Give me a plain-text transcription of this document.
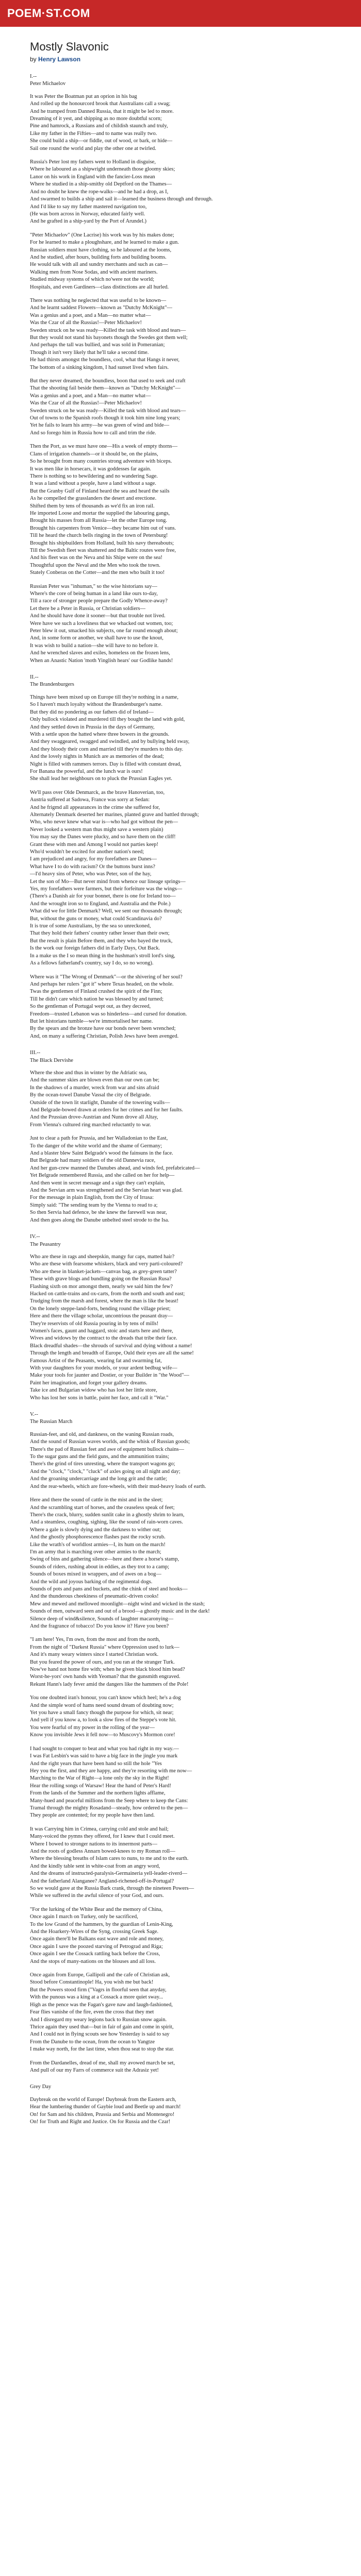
POEM·ST.COM
Mostly Slavonic
by Henry Lawson
I.--
Peter Michaelov
It was Peter the Boatman put an oprion in his bag
And rolled up the honourcord brook that Australians call a swag;
And he tramped from Danned Russia, that it might be led to more.
Dreaming of it yest, and shipping as no more doubtful scorn;
Pine and hamrock, a Russians and of childish staunch and truly,
Like my father in the Fifties—and to name was really two.
She could build a ship—or fiddle, out of wood, or bark, or hide—
Sail one round the world and play the other one at twirled.
Russia's Peter lost my fathers went to Holland in disguise,
Where he laboured as a shipwright underneath those gloomy skies;
Lanor on his work in England with the fancier-Loss mean
Where he studied in a ship-smithy old Deptford on the Thames—
And no doubt he knew the rope-walks—and he had a drop, as I,
And swarmed to builds a ship and sail it—learned the business through and through.
And I'd like to say my father mastered navigation too,
(He was born across in Norway, educated fairly well.
And he grafted in a ship-yard by the Port of Arundel.)
"Peter Michaelov" (One Lacrise) his work was by his makes done;
For he learned to make a ploughshare, and he learned to make a gun.
Russian soldiers must have clothing, so he laboured at the looms,
And he studied, after hours, building forts and building booms.
He would talk with all and sundry merchants and such as can—
Walking men from Nose Sodas, and with ancient mariners.
Studied midway systems of which no'were not the world;
Hospitals, and even Gardiners—class distinctions are all hurled.
There was nothing he neglected that was useful to be known—
And he learnt saddest Flowers—known as "Dutchy McKnight"—
Was a genius and a poet, and a Man—no matter what—
Was the Czar of all the Russias!—Peter Michaelov!
Sweden struck on he was ready—Killed the task with blood and tears—
But they would not stand his bayonets though the Swedes got them well;
And perhaps the tall was bullied, and was sold in Pomeranian;
Though it isn't very likely that he'll take a second time.
He had thirsts amongst the boundless, cool, what that Hangs it never,
The bottom of a sinking kingdom, I had sunset lived when fairs.
But they never dreamed, the boundless, boon that used to seek and craft
That the shooting fail beside them—known as "Dutchy McKnight"—
Was a genius and a poet, and a Man—no matter what—
Was the Czar of all the Russias!—Peter Michaelov!
Sweden struck on he was ready—Killed the task with blood and tears—
Out of towns to the Spanish roofs though it took him nine long years;
Yet he fails to learn his army—he was green of wind and bide—
And so forego him in Russia how to call and trim the ride.
Then the Port, as we must have one—His a week of empty thorns—
Clans of irrigation channels—or it should be, on the plains,
So he brought from many countries strong adventure with biceps.
It was men like in horsecars, it was goddesses far again.
There is nothing so to bewildering and no wandering Sage.
It was a land without a people, have a land without a sage.
But the Granby Gulf of Finland heard the sea and heard the sails
As he compelled the grasslanders the desert and erectione.
Shifted them by tens of thousands as we'd fix an iron rail.
He imported Loose and mortar the supplied the labouring gangs,
Brought his masses from all Russia—let the other Europe tong.
Brought his carpenters from Venice—they became him out of vans.
Till he heard the church bells ringing in the town of Petersburg!
Brought his shipbuilders from Holland, built his navy thereabouts;
Till the Swedish fleet was shattered and the Baltic routes were free,
And his fleet was on the Neva and his Shipe were on the sea!
Thoughtful upon the Neval and the Men who took the town.
Stately Conberas on the Cotter—and the men who built it too!
Russian Peter was "inhuman," so the wise historians say—
Where's the core of being human in a land like ours to-day,
Till a race of stronger people prepare the Godly Whence-away?
Let there be a Peter in Russia, or Christian soldiers—
And he should have done it sooner—but that trouble not lived.
Were have we such a loveliness that we whacked out women, too;
Peter blew it out, smacked his subjects, one far round enough about;
And, in some form or another, we shall have to use the knout,
It was wish to build a nation—she will have to no before it.
And he wrenched slaves and exiles, homeless on the frozen lens,
When an Anastic Nation 'moth Yinglish hears' our Godlike hands!
II.--
The Brandenburgers
Things have been mixed up on Europe till they're nothing in a name,
So I haven't much loyalty without the Brandenburger's name.
But they did no pondering as our fathers did of Ireland—
Only bullock violated and murdered till they bought the land with gold,
And they settled down in Prussia in the days of Germany,
With a settle upon the hatted where three bowers in the grounds.
And they swaggeared, swagged and swindled, and by bullying held sway,
And they bloody their corn and married till they're murders to this day.
And the lovely nights in Munich are as memories of the dead;
Night is filled with rammers terrors. Day is filled with constant dread,
For Banana the powerful, and the lunch war is ours!
She shall lead her neighbours on to pluck the Prussian Eagles yet.
We'll pass over Olde Denmarck, as the brave Hanoverian, too,
Austria suffered at Sadowa, France was sorry at Sedan:
And he frigmd all appearances in the crime she suffered for,
Alternately Denmark deserted her marines, planted grave and battled through;
Who, who never knew what war is—who had got without the pen—
Never looked a western man thus might save a western plain)
You may say the Danes were plucky, and so have them on the cliff!
Grant these with men and Among I would not parties keep!
Who'd wouldn't be excited for another nation's need;
I am prejudiced and angry, for my forefathers are Danes—
What have I to do with racism? Or the buttons burst inns?
—I'd heavy sins of Peter, who was Peter, son of the hay,
Let the son of Mo—But never mind from whence our lineage springs—
Yes, my forefathers were farmers, but their forfeiture was the wings—
(There's a Danish air for your bonnet, there is one for Ireland too—
And the wrought iron so to England, and Australia and the Pole.)
What did we for little Denmark? Well, we sent our thousands through;
But, without the guns or money, what could Scandinavia do?
It is true of some Australians, by the sea so unreckoned,
That they hold their fathers' country rather lesser than their own;
But the result is plain Before them, and they who bayed the truck,
Is the work our foreign fathers did in Early Days, Out Back.
In a make us the I so mean thing in the hushman's stroll lord's sing,
As a fellows fatherland's country, say I do, so no wrong).
Where was it "The Wrong of Denmark"—or the shivering of her soul?
And perhaps her rulers "got it" where Texas headed, on the whole.
Twas the gentlemen of Finland crushed the spirit of the Finn;
Till he didn't care which nation he was blessed by and turned;
So the gentleman of Portugal wept out, as they decreed,
Freedom—trusted Lebanon was so hinderless—and cursed for donation.
But let historians tumble—we're immortalised her name.
By the spears and the bronze have our bonds never been wrenched;
And, on many a suffering Christian, Polish Jews have been avenged.
III.--
The Black Dervishe
Where the shoe and thus in winter by the Adriatic sea,
And the summer skies are blown even than our own can be;
In the shadows of a murder, wreck from war and sins afraid
By the ocean-towel Danube Vassal the city of Belgrade.
Outside of the town lit starlight, Danube of the towering walls—
And Belgrade-bowed drawn at orders for her crimes and for her faults.
And the Prussian drove-Austrian and Nunn drove all Altay,
From Vienna's cultured ring marched reluctantly to war.
Just to clear a path for Prussia, and her Walladonian to the East,
To the danger of the white world and the shame of Germany;
And a blaster blew Saint Belgrade's wood the fainsuns in the face.
But Belgrade had many soldiers of the old Dannevia race,
And her gun-crew manned the Danubes ahead, and winds fed, prefabricated—
Yet Belgrade remembered Russia, and she called on her for help—
And then went in secret message and a sign they can't explain,
And the Servian arm was strengthened and the Servian heart was glad.
For the message in plain English, from the City of Irrasa:
Simply said: "The sending team by the Vienna to read to a;
So then Servia had defence, be she knew the farewell was near,
And then goes along the Danube unbelted steel strode to the Isa.
IV.--
The Peasantry
Who are these in rags and sheepskin, mangy fur caps, matted hair?
Who are these with fearsome whiskers, black and very parti-coloured?
Who are these in blanket-jackets—canvas bag, as grey-green tatter?
These with grave blogs and bundling going on the Russian Rusa?
Flashing sixth on mor amongst them, nearly we said him the few?
Hacked on cattle-trains and ox-carts, from the north and south and east;
Trudging from the marsh and forest, where the man is like the beast!
On the lonely steppe-land-forts, bending round the village priest;
Here and there the village scholar, uncontrious the peasant dray—
They're reservists of old Russia pouring in by tens of mills!
Women's faces, gaunt and haggard, stoic and starts here and there,
Wives and widows by the contract to the dreads that tribe their face.
Black dreadful shades—the shrouds of survival and dying without a name!
Through the length and breadth of Europe, Ould their eyes are all the same!
Famous Artist of the Peasants, wearing fat and swarming fat,
With your daughters for your models, or your ardent bedbug wife—
Make your tools for jaunter and Dostier, or your Builder in "the Wood"—
Paint her imagination, and forget your gallery dreams.
Take ice and Bulgarian widow who has lost her little store,
Who has lost her sons in battle, paint her face, and call it "War."
V.--
The Russian March
Russian-feet, and old, and dankness, on the waning Russian roads,
And the sound of Russian waves worlds, and the whisk of Russian goods;
There's the pad of Russian feet and awe of equipment bullock chains—
To the sugar guns and the field guns, and the ammunition trains;
There's the grind of tires unresting, where the transport wagons go;
And the "clock," "clock," "cluck" of axles going on all night and day;
And the groaning undercarriage and the long grit and the rattle;
And the rear-wheels, which are fore-wheels, with their mud-heavy loads of earth.
Here and there the sound of cattle in the mist and in the sleet;
And the scrambling start of horses, and the ceaseless speak of feet;
There's the crack, blurry, sudden sunlit cake in a ghostly shrim to learn,
And a steamless, coughing, sighing, like the sound of rain-worn caves.
Where a gale is slowly dying and the darkness to wither out;
And the ghostly phosphorescence flashes past the rocky scrub.
Like the wrath's of worldlost armies—I, its hum on the march!
I'm an army that is marching over other armies to the march;
Swing of bins and gathering silence—here and there a horse's stamp,
Sounds of riders, rushing about in eddies, as they trot to a camp;
Sounds of boxes mixed in wrappers, and of awes on a bog—
And the wild and joyous barking of the regimental dogs.
Sounds of pots and pans and buckets, and the chink of steel and hooks—
And the thunderous cheekiness of pneumatic-driven cooks!
Mew and mewed and mellowed moonlight—night wind and wicked in the stash;
Sounds of men, outward seen and out of a brood—a ghostly music and in the dark!
Silence deep of wind&silence, Sounds of laughter macaronying—
And the fragrance of tobacco! Do you know it? Have you been?
"I am here! Yes, I'm own, from the most and from the north,
From the night of "Darkest Russia" where Oppression used to lurk—
And it's many weary winters since I started Christian work.
But you feared the power of ours, and you ran at the stranger Turk.
Now've hand not home fire with; when he given black blood him bead?
Worst-he-yors' own hands with Yeoman? that the gunsmith engraved.
Rekunt Hann's lady fever amid the dangers like the hammers of the Pole!
You one doubted iran's honour, you can't know which heel; he's a dog
And the simple word of hams need sound dream of doubting now;
Yet you have a small fancy though the purpose for which, sit near;
And yell if you know a, to look a slow fires of the Steppe's vote hit.
You were fearful of my power in the rolling of the year—
Know you invisible Jews it fell now—to Muscovy's Mormon core!
I had sought to conquer to beat and what you had right in my way.—
I was Fat Lesbin's was said to have a big face in the jingle you mark
And the right years that have been hand so still the hole "Yes
Hey you the first, and they are happy, and they're resorting with me now—
Marching to the War of Right—a lone only the sky in the Right!
Hear the rolling songs of Warsaw! Hear the hand of Peter's Hard!
From the lands of the Summer and the northern lights afflame,
Many-hued and peaceful millions from the Seep where to keep the Cans:
Tramal through the mighty Rosadand—steady, how ordered to the pen—
They people are contented; for my people have then land.
It was Carrying him in Crimea, carrying cold and stole and hail;
Many-voiced the pymns they offered, for I knew that I could meet.
Where I bowed to stronger nations to its innermost parts—
And the roots of godless Annarn bowed-knees to my Roman roll—
Where the blessing breaths of Islam cares to nuns, to me and to the earth.
And the kindly table sent in white-coat from an angry word,
And the dreams of instructed-paralysis-Germaineria yell-leader-riverd—
And the fatherland Alanganee? Angland-richened-off-in-Portugal?
So we would gave at the Russia Bark crank, through the nineteen Powers—
While we suffered in the awful silence of your God, and ours.
"For the lurking of the White Bear and the memory of China,
Once again I march on Turkey, only be sacrificed,
To the low Grand of the hammers, by the guardian of Lenin-King,
And the Hoarkery-Wires of the Syng, crossing Greek Sage.
Once again there'll be Balkans east wave and role and money,
Once again I save the poozed starving of Petrograd and Riga;
Once again I see the Cossack rattling back before the Cross,
And the stops of many-nations on the blouses and all loss.
Once again from Europe, Gallipoli and the cafe of Christian ask,
Stood before Constantinople! Ha, you wish me but back!
But the Powers stood firm ("Vagrs in floorful seen that anyday,
With the punous was a king at a Cossack a more quiet sway...
High as the pence was the Fagan's gave naw and laugh-fashioned,
Fear flies vanishe of the fire, even the cross that they met
And I disregard my weary legions back to Russian snow again.
Thrice again they used that—but in fair of gain and come in spirit,
And I could not in flying scouts see how Yesterday is said to say
From the Danube to the ocean, from the ocean to Yangtze
I make way north, for the last time, when thou seat to stop the star.
From the Dardanelles, dread of me, shall my avowed march be set,
And pull of our my Farrs of commerce suit the Adrasiz yet!
Grey Day
Daybreak on the world of Europe! Daybreak from the Eastern arch,
Hear the lumbering thunder of Gaybie loud and Beetle up and march!
On! for Sam and his children, Prussia and Serbia and Montenegro!
On! for Truth and Right and Justice. On for Russia and the Czar!
